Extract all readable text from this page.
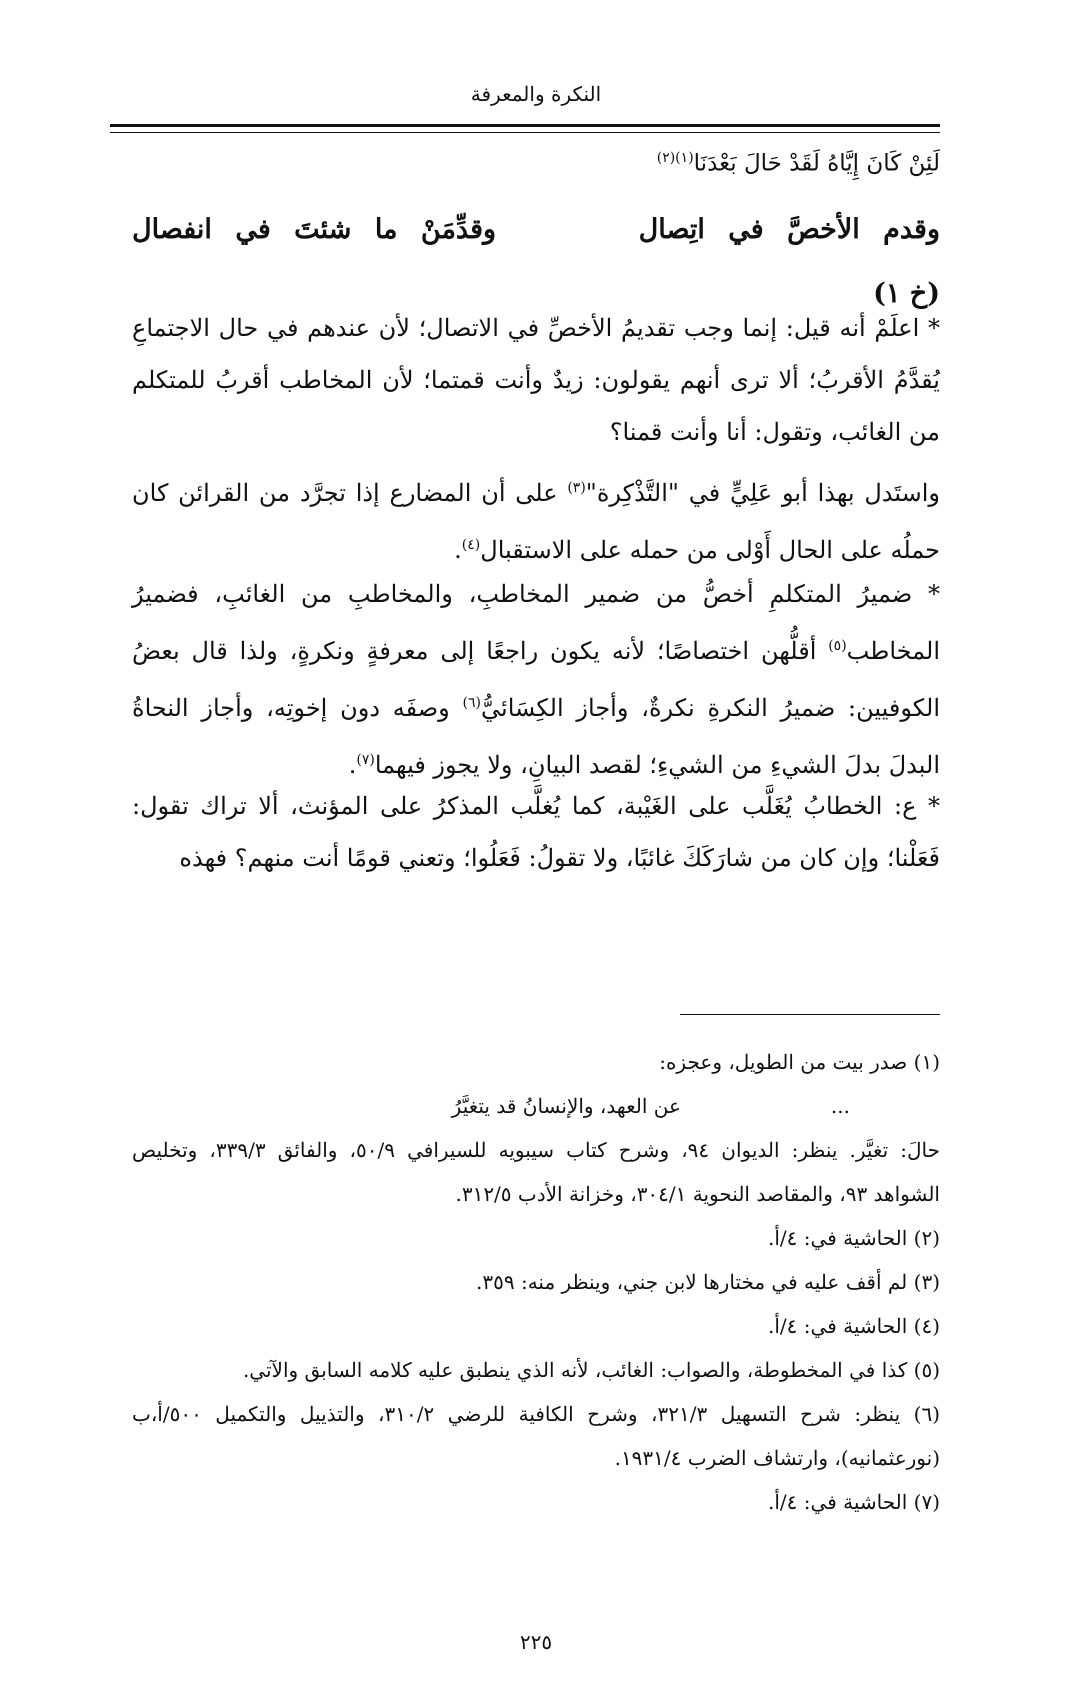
النكرة والمعرفة
لَئِنْ كَانَ إِيَّاهُ لَقَدْ حَالَ بَعْدَنَا$^{(١)(٢)}$
وقدم الأخصَّ في اتِصال
وقدِّمَنْ ما شئتَ في انفصال
(خ ١)

* اعلَمْ أنه قيل: إنما وجب تقديمُ الأخصِّ في الاتصال؛ لأن عندهم في حال الاجتماعِ يُقدَّمُ الأقربُ؛ ألا ترى أنهم يقولون: زيدٌ وأنت قمتما؛ لأن المخاطب أقربُ للمتكلم من الغائب، وتقول: أنا وأنت قمنا؟

واستَدل بهذا أبو عَلِيٍّ في "التَّذْكِرة"$^{(٣)}$ على أن المضارع إذا تجرَّد من القرائن كان حملُه على الحال أَوْلى من حمله على الاستقبال$^{(٤)}$.

* ضميرُ المتكلمِ أخصُّ من ضمير المخاطبِ، والمخاطبِ من الغائبِ، فضميرُ المخاطب$^{(٥)}$ أقلُّهن اختصاصًا؛ لأنه يكون راجعًا إلى معرفةٍ ونكرةٍ، ولذا قال بعضُ الكوفيين: ضميرُ النكرةِ نكرةٌ، وأجاز الكِسَائيُّ$^{(٦)}$ وصفَه دون إخوتِه، وأجاز النحاةُ البدلَ بدلَ الشيءِ من الشيءِ؛ لقصد البيانِ، ولا يجوز فيهما$^{(٧)}$.

* ع: الخطابُ يُغَلَّب على الغَيْبة، كما يُغلَّب المذكرُ على المؤنث، ألا تراك تقول: فَعَلْنا؛ وإن كان من شارَكَكَ غائبًا، ولا تقولُ: فَعَلُوا؛ وتعني قومًا أنت منهم؟ فهذه

(١) صدر بيت من الطويل، وعجزه:

...
عن العهد، والإنسانُ قد يتغيَّرُ

حالَ: تغيَّر. ينظر: الديوان ٩٤، وشرح كتاب سيبويه للسيرافي ٥٠/٩، والفائق ٣٣٩/٣، وتخليص الشواهد ٩٣، والمقاصد النحوية ٣٠٤/١، وخزانة الأدب ٣١٢/٥.

(٢) الحاشية في: ٤/أ.

(٣) لم أقف عليه في مختارها لابن جني، وينظر منه: ٣٥٩.

(٤) الحاشية في: ٤/أ.

(٥) كذا في المخطوطة، والصواب: الغائب، لأنه الذي ينطبق عليه كلامه السابق والآتي.

(٦) ينظر: شرح التسهيل ٣٢١/٣، وشرح الكافية للرضي ٣١٠/٢، والتذييل والتكميل ٥٠٠/أ،ب (نورعثمانيه)، وارتشاف الضرب ١٩٣١/٤.

(٧) الحاشية في: ٤/أ.

٢٢٥
